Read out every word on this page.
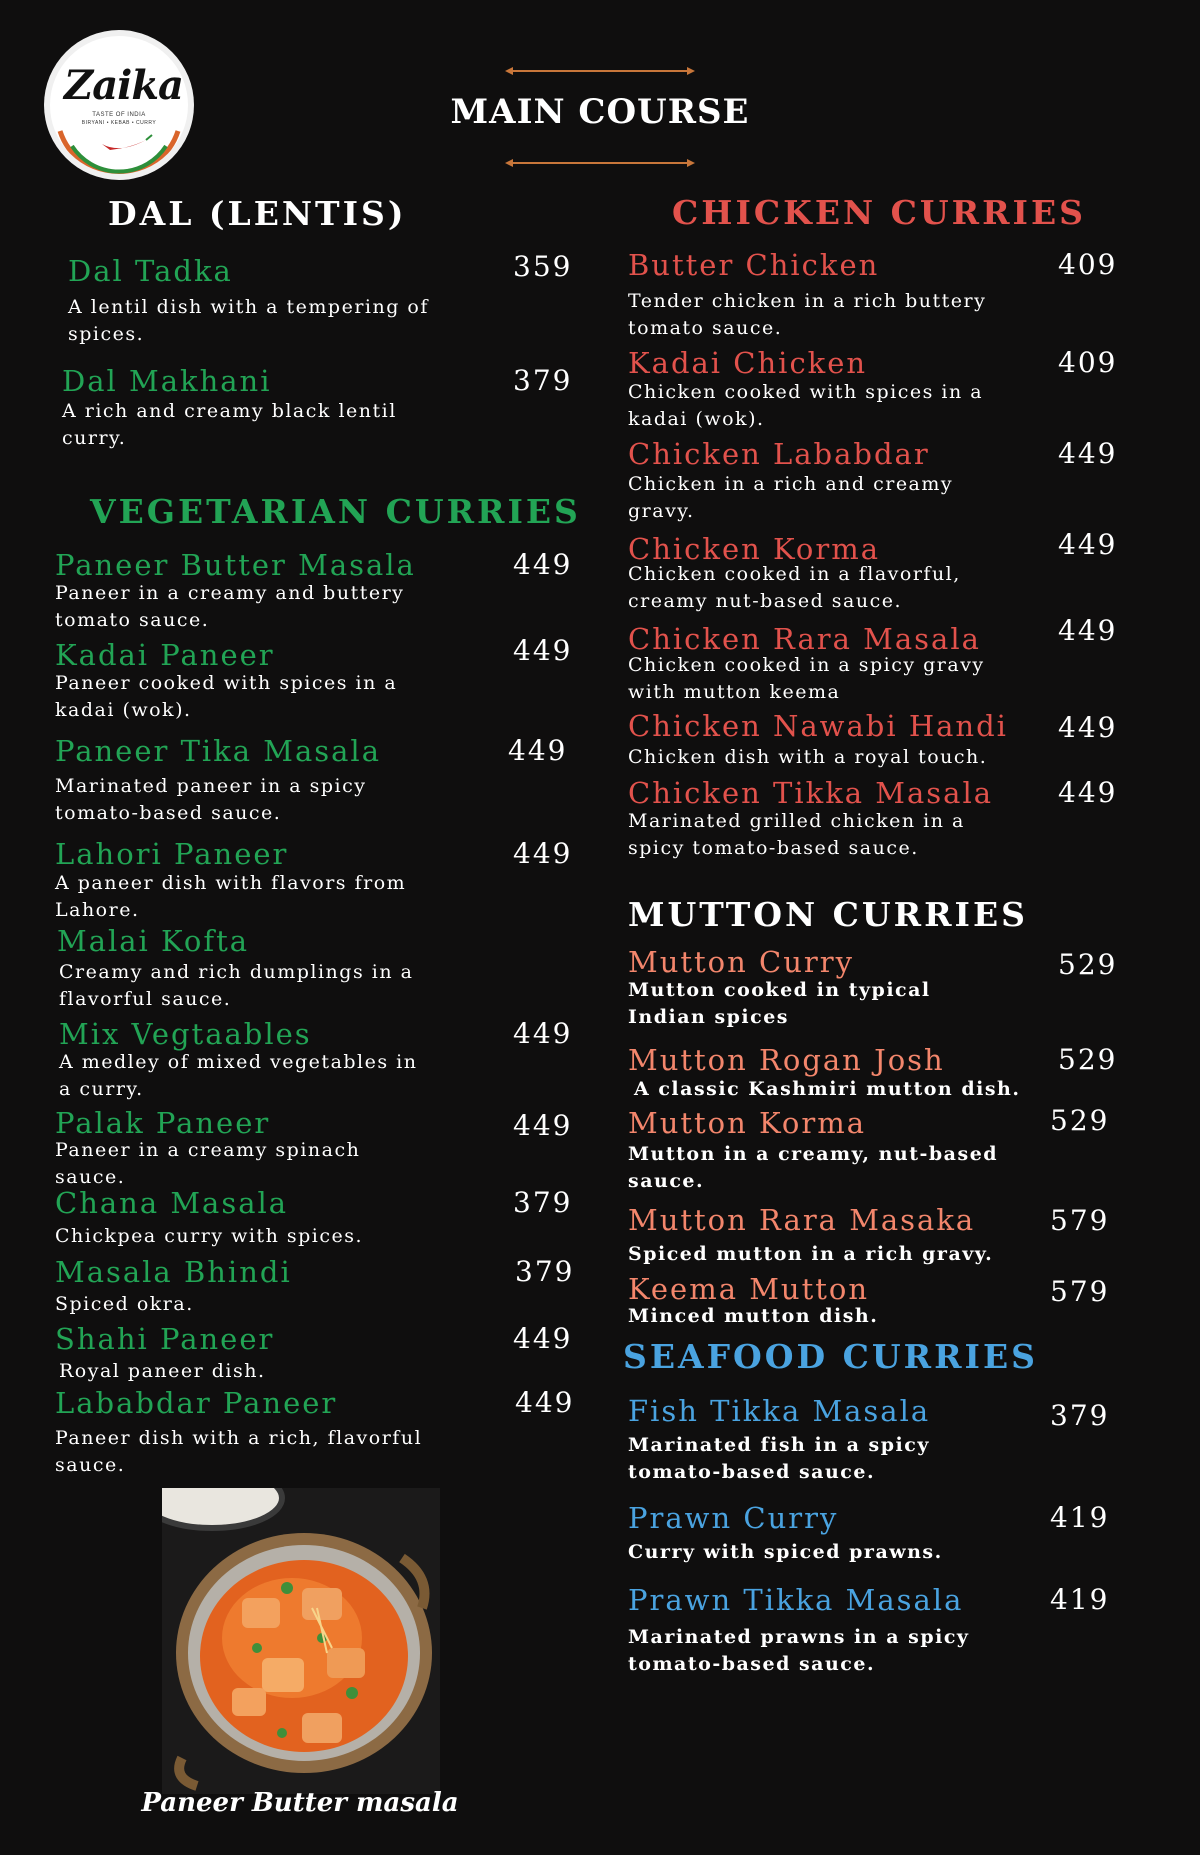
Zaika
TASTE OF INDIA
BIRYANI • KEBAB • CURRY	MAIN COURSE
DAL (LENTIS)
Dal Tadka	359
A lentil dish with a tempering of spices.
Dal Makhani	379
A rich and creamy black lentil curry.
VEGETARIAN CURRIES
Paneer Butter Masala	449
Paneer in a creamy and buttery tomato sauce.
Kadai Paneer	449
Paneer cooked with spices in a kadai (wok).
Paneer Tika Masala	449
Marinated paneer in a spicy tomato-based sauce.
Lahori Paneer	449
A paneer dish with flavors from Lahore.
Malai Kofta
Creamy and rich dumplings in a flavorful sauce.
Mix Vegtaables	449
A medley of mixed vegetables in a curry.
Palak Paneer	449
Paneer in a creamy spinach sauce.
Chana Masala	379
Chickpea curry with spices.
Masala Bhindi	379
Spiced okra.
Shahi Paneer	449
Royal paneer dish.
Lababdar Paneer	449
Paneer dish with a rich, flavorful sauce.
Paneer Butter masala
CHICKEN CURRIES
Butter Chicken	409
Tender chicken in a rich buttery tomato sauce.
Kadai Chicken	409
Chicken cooked with spices in a kadai (wok).
Chicken Lababdar	449
Chicken in a rich and creamy gravy.
Chicken Korma	449
Chicken cooked in a flavorful, creamy nut-based sauce.
Chicken Rara Masala	449
Chicken cooked in a spicy gravy with mutton keema
Chicken Nawabi Handi 449
Chicken dish with a royal touch.
Chicken Tikka Masala 449
Marinated grilled chicken in a spicy tomato-based sauce.
MUTTON CURRIES
Mutton Curry	529
Mutton cooked in typical Indian spices
Mutton Rogan Josh	529
A classic Kashmiri mutton dish.
Mutton Korma	529
Mutton in a creamy, nut-based sauce.
Mutton Rara Masaka	579
Spiced mutton in a rich gravy.
Keema Mutton	579
Minced mutton dish.
SEAFOOD CURRIES
Fish Tikka Masala	379
Marinated fish in a spicy tomato-based sauce.
Prawn Curry	419
Curry with spiced prawns.
Prawn Tikka Masala	419
Marinated prawns in a spicy tomato-based sauce.
